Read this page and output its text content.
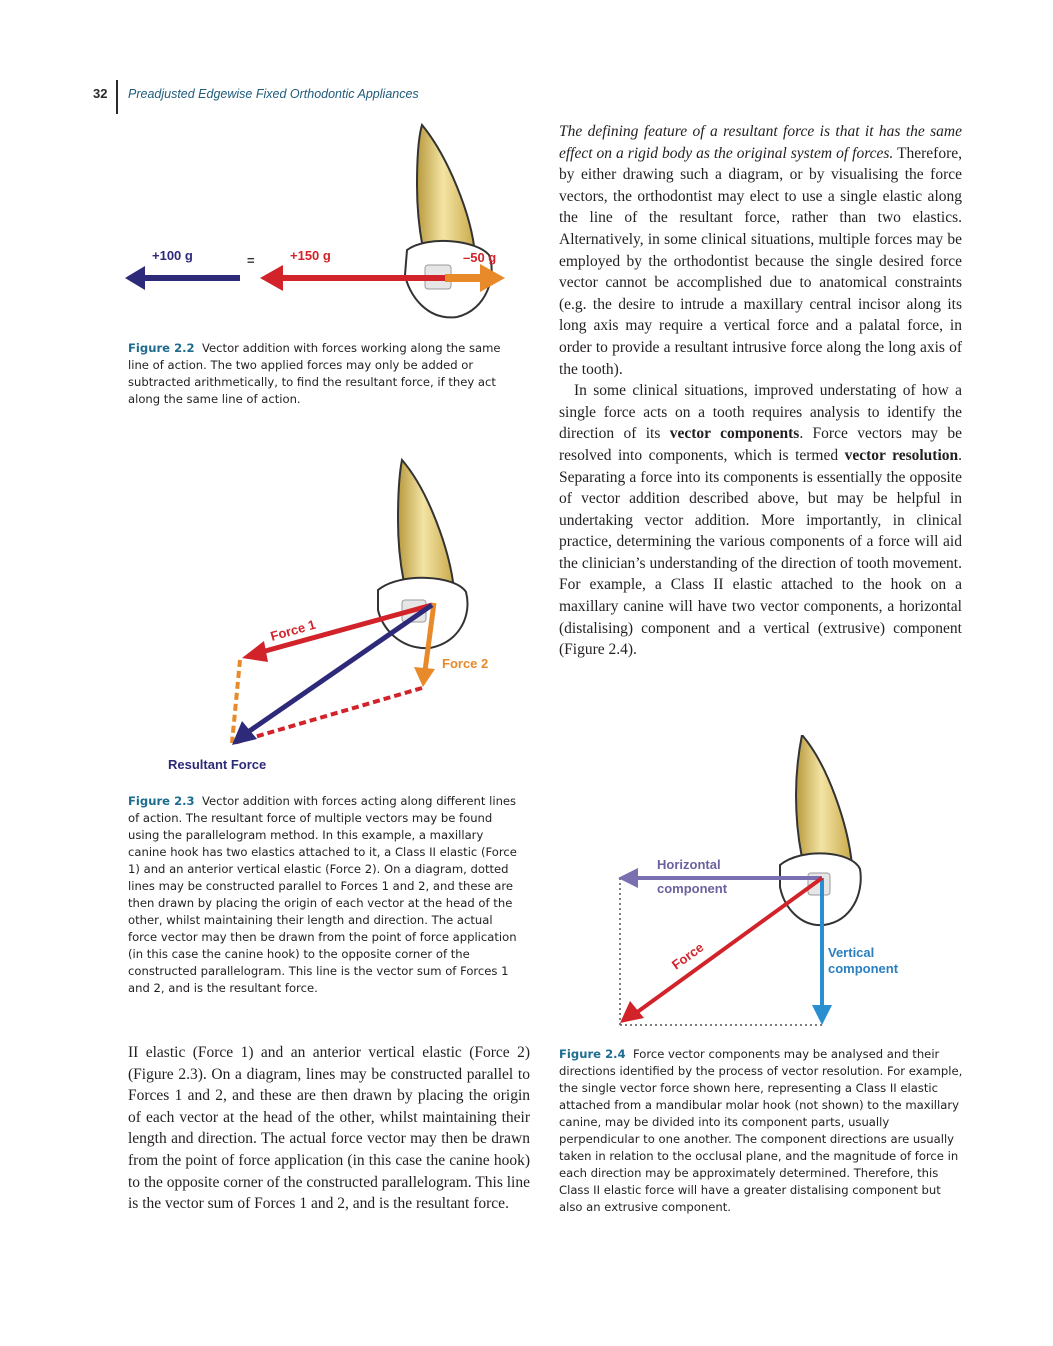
32 Preadjusted Edgewise Fixed Orthodontic Appliances
+100 g	=	+150 g	–50 g
Figure 2.2 Vector addition with forces working along the same line of action. The two applied forces may only be added or subtracted arithmetically, to find the resultant force, if they act along the same line of action.
Force 1
Force 2
Resultant Force
Figure 2.3 Vector addition with forces acting along different lines of action. The resultant force of multiple vectors may be found using the parallelogram method. In this example, a maxillary canine hook has two elastics attached to it, a Class II elastic (Force 1) and an anterior vertical elastic (Force 2). On a diagram, dotted lines may be constructed parallel to Forces 1 and 2, and these are then drawn by placing the origin of each vector at the head of the other, whilst maintaining their length and direction. The actual force vector may then be drawn from the point of force application (in this case the canine hook) to the opposite corner of the constructed parallelogram. This line is the vector sum of Forces 1 and 2, and is the resultant force.

II elastic (Force 1) and an anterior vertical elastic (Force 2) (Figure 2.3). On a diagram, lines may be constructed parallel to Forces 1 and 2, and these are then drawn by placing the origin of each vector at the head of the other, whilst maintaining their length and direction. The actual force vector may then be drawn from the point of force application (in this case the canine hook) to the opposite corner of the constructed parallelogram. This line is the vector sum of Forces 1 and 2, and is the resultant force.

The defining feature of a resultant force is that it has the same effect on a rigid body as the original system of forces. Therefore, by either drawing such a diagram, or by visualising the force vectors, the orthodontist may elect to use a single elastic along the line of the resultant force, rather than two elastics. Alternatively, in some clinical situations, multiple forces may be employed by the orthodontist because the single desired force vector cannot be accomplished due to anatomical constraints (e.g. the desire to intrude a maxillary central incisor along its long axis may require a vertical force and a palatal force, in order to provide a resultant intrusive force along the long axis of the tooth).

In some clinical situations, improved understating of how a single force acts on a tooth requires analysis to identify the direction of its vector components. Force vectors may be resolved into components, which is termed vector resolution. Separating a force into its components is essentially the opposite of vector addition described above, but may be helpful in undertaking vector addition. More importantly, in clinical practice, determining the various components of a force will aid the clinician’s understanding of the direction of tooth movement. For example, a Class II elastic attached to the hook on a maxillary canine will have two vector components, a horizontal (distalising) component and a vertical (extrusive) component (Figure 2.4).

Horizontal
component
Force	Vertical
component
Figure 2.4 Force vector components may be analysed and their directions identified by the process of vector resolution. For example, the single vector force shown here, representing a Class II elastic attached from a mandibular molar hook (not shown) to the maxillary canine, may be divided into its component parts, usually perpendicular to one another. The component directions are usually taken in relation to the occlusal plane, and the magnitude of force in each direction may be approximately determined. Therefore, this Class II elastic force will have a greater distalising component but also an extrusive component.
